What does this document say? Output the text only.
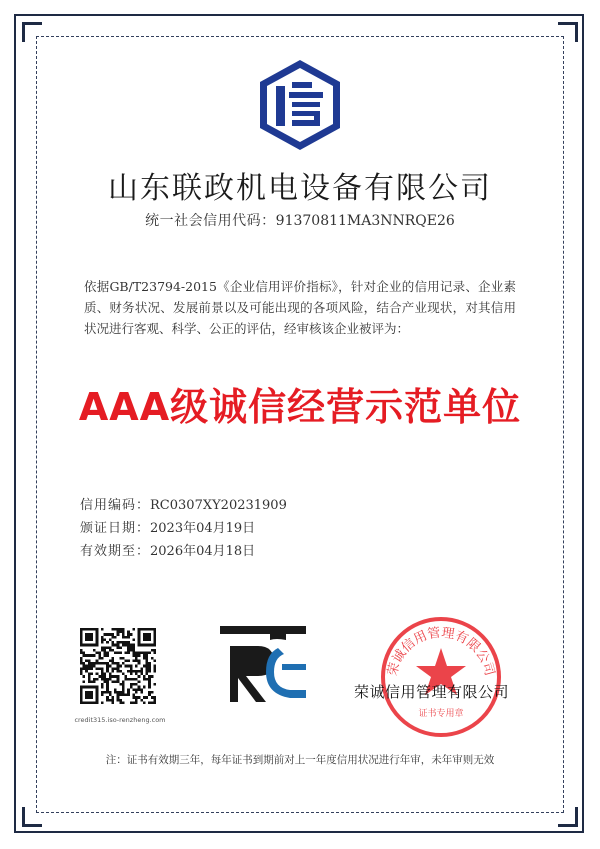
山东联政机电设备有限公司
统一社会信用代码：91370811MA3NNRQE26
依据GB/T23794-2015《企业信用评价指标》，针对企业的信用记录、企业素质、财务状况、发展前景以及可能出现的各项风险，结合产业现状，对其信用状况进行客观、科学、公正的评估，经审核该企业被评为：
AAA级诚信经营示范单位
信用编码：RC0307XY20231909
颁证日期：2023年04月19日
有效期至：2026年04月18日
credit315.iso-renzheng.com
荣诚信用管理有限公司
证书专用章
荣诚信用管理有限公司
注：证书有效期三年，每年证书到期前对上一年度信用状况进行年审，未年审则无效
